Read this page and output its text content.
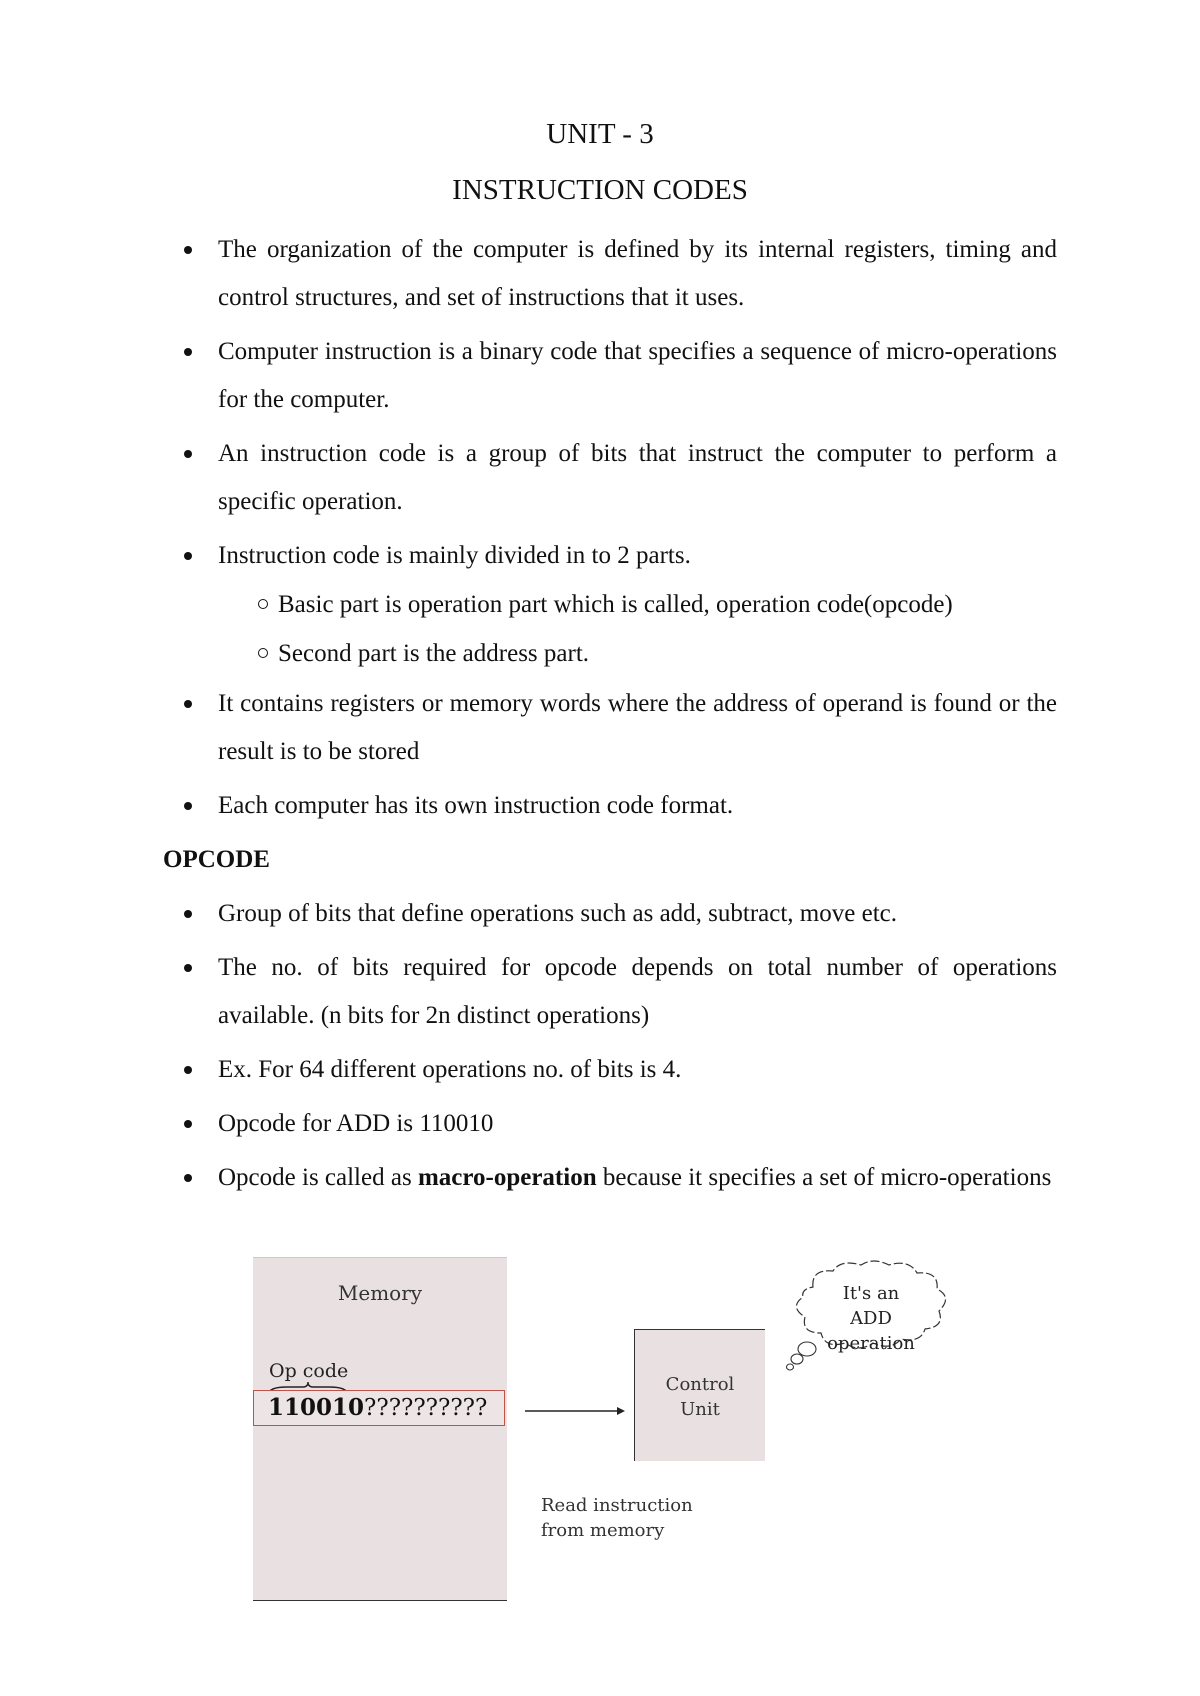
UNIT - 3
INSTRUCTION CODES
The organization of the computer is defined by its internal registers, timing and control structures, and set of instructions that it uses.
Computer instruction is a binary code that specifies a sequence of micro-operations for the computer.
An instruction code is a group of bits that instruct the computer to perform a specific operation.
Instruction code is mainly divided in to 2 parts.
Basic part is operation part which is called, operation code(opcode)
Second part is the address part.
It contains registers or memory words where the address of operand is found or the result is to be stored
Each computer has its own instruction code format.
OPCODE
Group of bits that define operations such as add, subtract, move etc.
The no. of bits required for opcode depends on total number of operations available. (n bits for 2n distinct operations)
Ex. For 64 different operations no. of bits is 4.
Opcode for ADD is 110010
Opcode is called as macro-operation because it specifies a set of micro-operations
Memory
Op code
110010??????????
Control
Unit
It's an
ADD
operation
Read instruction
from memory
